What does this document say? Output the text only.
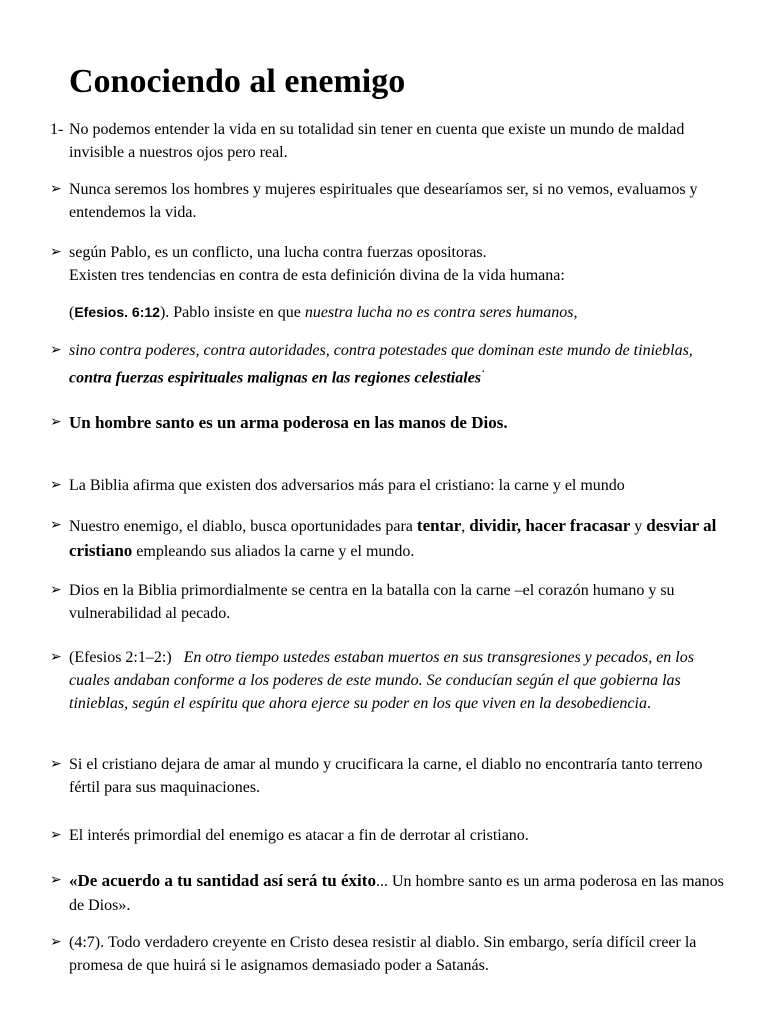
Conociendo al enemigo
1- No podemos entender la vida en su totalidad sin tener en cuenta que existe un mundo de maldad invisible a nuestros ojos pero real.
➢ Nunca seremos los hombres y mujeres espirituales que desearíamos ser, si no vemos, evaluamos y entendemos la vida.
➢ según Pablo, es un conflicto, una lucha contra fuerzas opositoras.
Existen tres tendencias en contra de esta definición divina de la vida humana:
(Efesios. 6:12). Pablo insiste en que nuestra lucha no es contra seres humanos,
➢ sino contra poderes, contra autoridades, contra potestades que dominan este mundo de tinieblas, contra fuerzas espirituales malignas en las regiones celestiales·
➢ Un hombre santo es un arma poderosa en las manos de Dios.
➢ La Biblia afirma que existen dos adversarios más para el cristiano: la carne y el mundo
➢ Nuestro enemigo, el diablo, busca oportunidades para tentar, dividir, hacer fracasar y desviar al cristiano empleando sus aliados la carne y el mundo.
➢ Dios en la Biblia primordialmente se centra en la batalla con la carne –el corazón humano y su vulnerabilidad al pecado.
➢ (Efesios 2:1–2:)   En otro tiempo ustedes estaban muertos en sus transgresiones y pecados, en los cuales andaban conforme a los poderes de este mundo. Se conducían según el que gobierna las tinieblas, según el espíritu que ahora ejerce su poder en los que viven en la desobediencia.
➢ Si el cristiano dejara de amar al mundo y crucificara la carne, el diablo no encontraría tanto terreno fértil para sus maquinaciones.
➢ El interés primordial del enemigo es atacar a fin de derrotar al cristiano.
➢ «De acuerdo a tu santidad así será tu éxito... Un hombre santo es un arma poderosa en las manos de Dios».
➢ (4:7). Todo verdadero creyente en Cristo desea resistir al diablo. Sin embargo, sería difícil creer la promesa de que huirá si le asignamos demasiado poder a Satanás.
